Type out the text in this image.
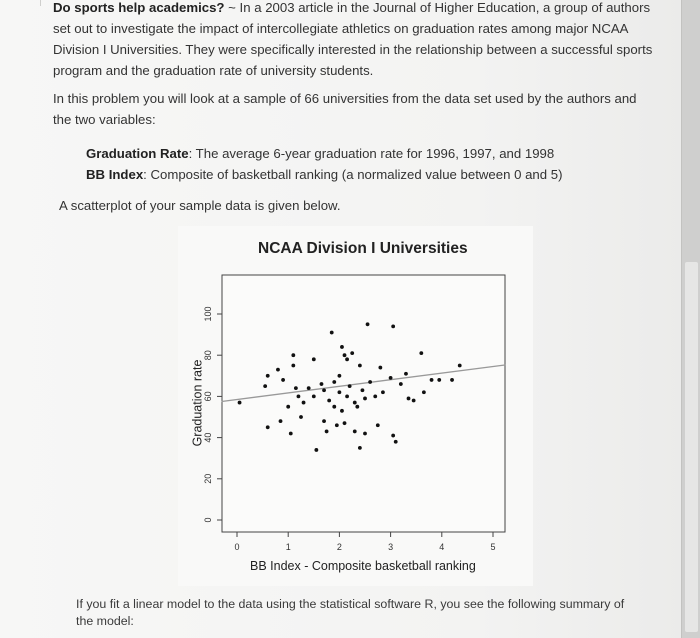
Do sports help academics? ~ In a 2003 article in the Journal of Higher Education, a group of authors set out to investigate the impact of intercollegiate athletics on graduation rates among major NCAA Division I Universities. They were specifically interested in the relationship between a successful sports program and the graduation rate of university students.
In this problem you will look at a sample of 66 universities from the data set used by the authors and the two variables:
Graduation Rate: The average 6-year graduation rate for 1996, 1997, and 1998
BB Index: Composite of basketball ranking (a normalized value between 0 and 5)
A scatterplot of your sample data is given below.
If you fit a linear model to the data using the statistical software R, you see the following summary of the model:
0	1	2	3	4	5
0
20
40
60
80
100
NCAA Division I Universities
BB Index - Composite basketball ranking
Graduation rate
